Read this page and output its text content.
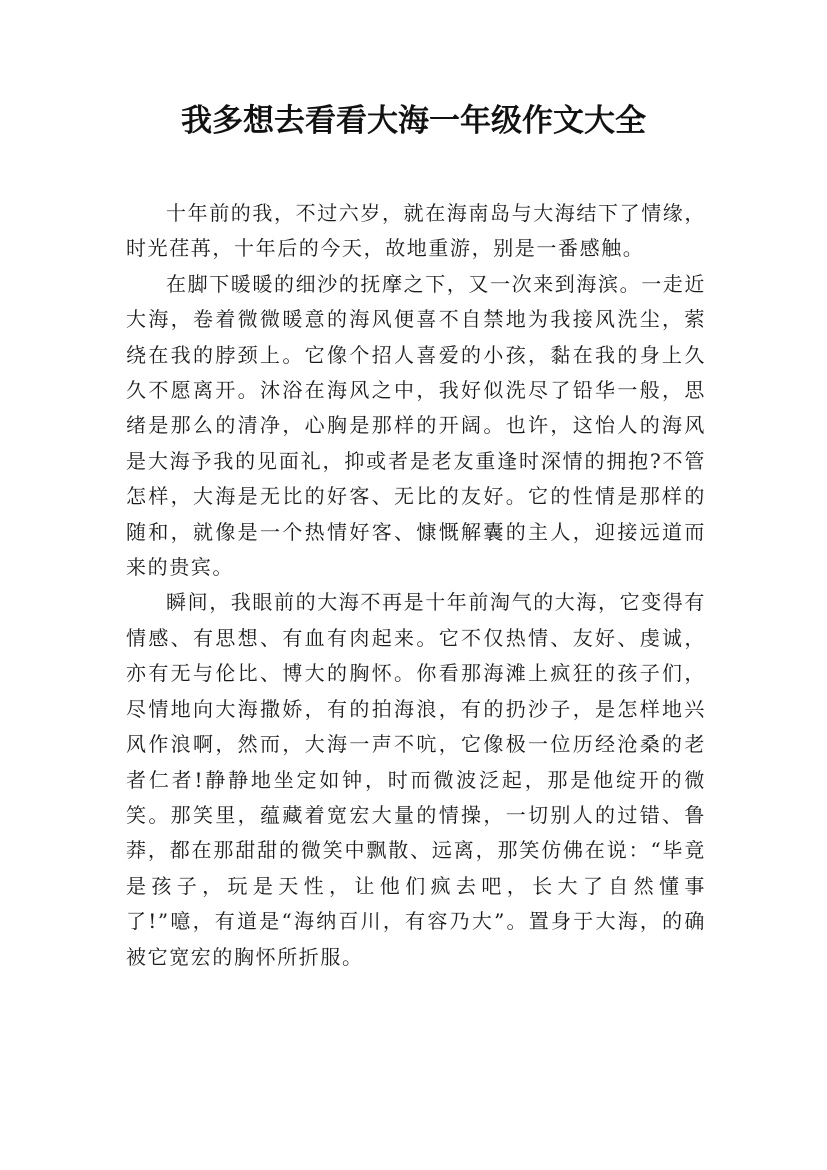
我多想去看看大海一年级作文大全

十年前的我，不过六岁，就在海南岛与大海结下了情缘，时光荏苒，十年后的今天，故地重游，别是一番感触。

在脚下暖暖的细沙的抚摩之下，又一次来到海滨。一走近大海，卷着微微暖意的海风便喜不自禁地为我接风洗尘，萦绕在我的脖颈上。它像个招人喜爱的小孩，黏在我的身上久久不愿离开。沐浴在海风之中，我好似洗尽了铅华一般，思绪是那么的清净，心胸是那样的开阔。也许，这怡人的海风是大海予我的见面礼，抑或者是老友重逢时深情的拥抱?不管怎样，大海是无比的好客、无比的友好。它的性情是那样的随和，就像是一个热情好客、慷慨解囊的主人，迎接远道而来的贵宾。

瞬间，我眼前的大海不再是十年前淘气的大海，它变得有情感、有思想、有血有肉起来。它不仅热情、友好、虔诚，亦有无与伦比、博大的胸怀。你看那海滩上疯狂的孩子们，尽情地向大海撒娇，有的拍海浪，有的扔沙子，是怎样地兴风作浪啊，然而，大海一声不吭，它像极一位历经沧桑的老者仁者!静静地坐定如钟，时而微波泛起，那是他绽开的微笑。那笑里，蕴藏着宽宏大量的情操，一切别人的过错、鲁莽，都在那甜甜的微笑中飘散、远离，那笑仿佛在说：“毕竟是孩子，玩是天性，让他们疯去吧，长大了自然懂事了!”噫，有道是“海纳百川，有容乃大”。置身于大海，的确被它宽宏的胸怀所折服。
